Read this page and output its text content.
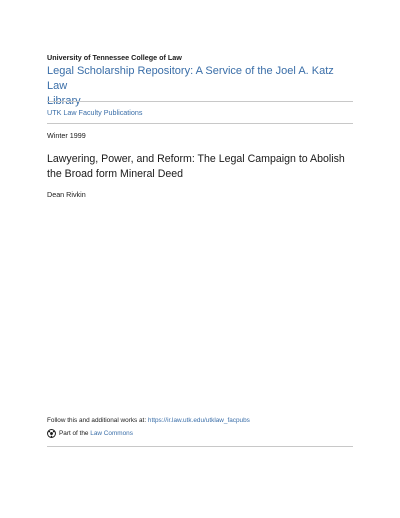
University of Tennessee College of Law
Legal Scholarship Repository: A Service of the Joel A. Katz Law
Library
UTK Law Faculty Publications
Winter 1999
Lawyering, Power, and Reform: The Legal Campaign to Abolish
the Broad form Mineral Deed
Dean Rivkin
Follow this and additional works at: https://ir.law.utk.edu/utklaw_facpubs
Part of the
Law Commons
